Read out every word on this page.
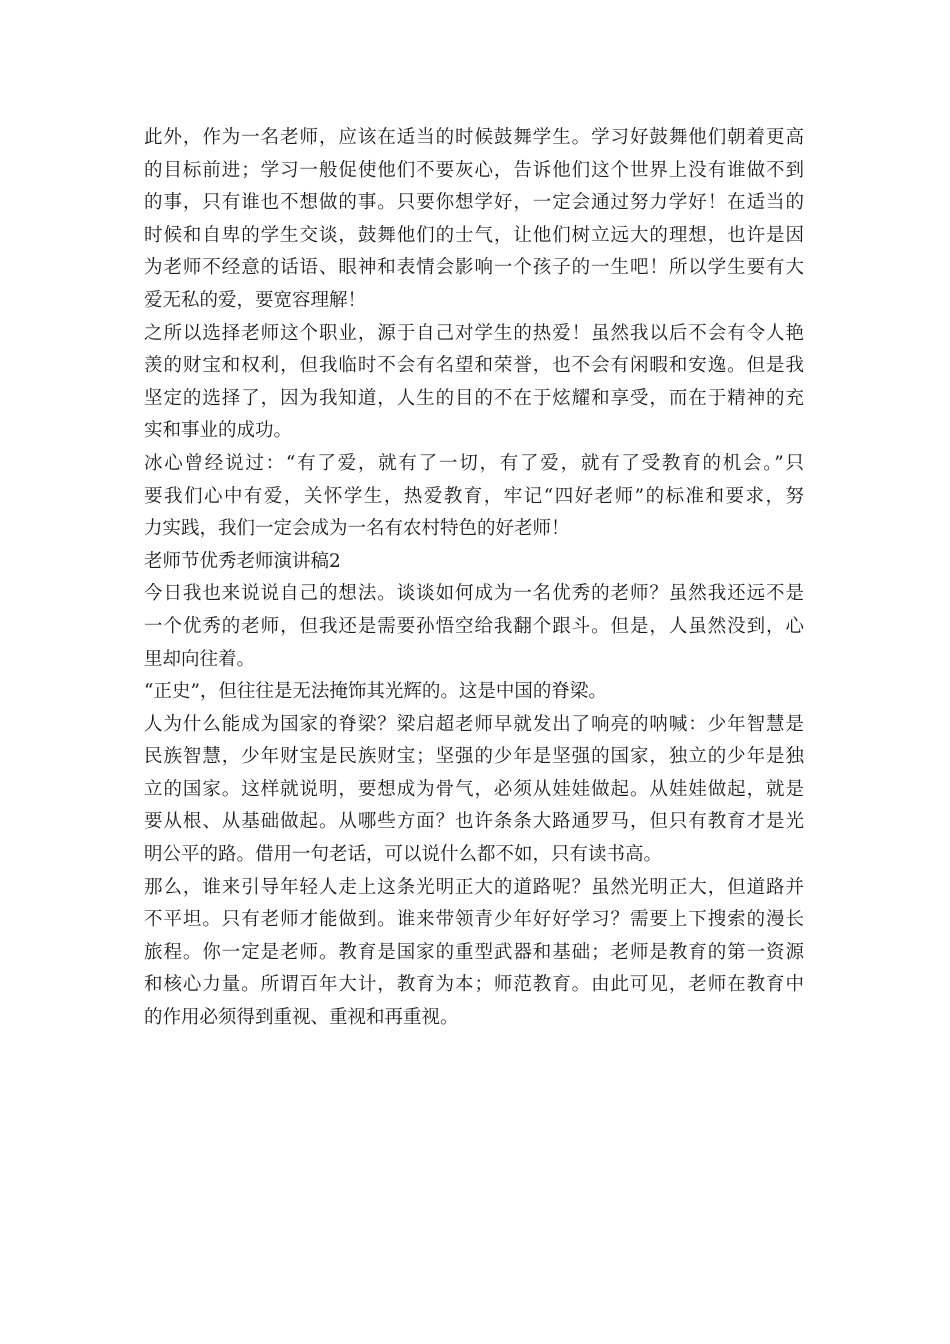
此外，作为一名老师，应该在适当的时候鼓舞学生。学习好鼓舞他们朝着更高
的目标前进；学习一般促使他们不要灰心，告诉他们这个世界上没有谁做不到
的事，只有谁也不想做的事。只要你想学好，一定会通过努力学好！在适当的
时候和自卑的学生交谈，鼓舞他们的士气，让他们树立远大的理想，也许是因
为老师不经意的话语、眼神和表情会影响一个孩子的一生吧！所以学生要有大
爱无私的爱，要宽容理解！
之所以选择老师这个职业，源于自己对学生的热爱！虽然我以后不会有令人艳
羡的财宝和权利，但我临时不会有名望和荣誉，也不会有闲暇和安逸。但是我
坚定的选择了，因为我知道，人生的目的不在于炫耀和享受，而在于精神的充
实和事业的成功。
冰心曾经说过：“有了爱，就有了一切，有了爱，就有了受教育的机会。”只
要我们心中有爱，关怀学生，热爱教育，牢记“四好老师”的标准和要求，努
力实践，我们一定会成为一名有农村特色的好老师！
老师节优秀老师演讲稿2
今日我也来说说自己的想法。谈谈如何成为一名优秀的老师？虽然我还远不是
一个优秀的老师，但我还是需要孙悟空给我翻个跟斗。但是，人虽然没到，心
里却向往着。
“正史”，但往往是无法掩饰其光辉的。这是中国的脊梁。
人为什么能成为国家的脊梁？梁启超老师早就发出了响亮的呐喊：少年智慧是
民族智慧，少年财宝是民族财宝；坚强的少年是坚强的国家，独立的少年是独
立的国家。这样就说明，要想成为骨气，必须从娃娃做起。从娃娃做起，就是
要从根、从基础做起。从哪些方面？也许条条大路通罗马，但只有教育才是光
明公平的路。借用一句老话，可以说什么都不如，只有读书高。
那么，谁来引导年轻人走上这条光明正大的道路呢？虽然光明正大，但道路并
不平坦。只有老师才能做到。谁来带领青少年好好学习？需要上下搜索的漫长
旅程。你一定是老师。教育是国家的重型武器和基础；老师是教育的第一资源
和核心力量。所谓百年大计，教育为本；师范教育。由此可见，老师在教育中
的作用必须得到重视、重视和再重视。
